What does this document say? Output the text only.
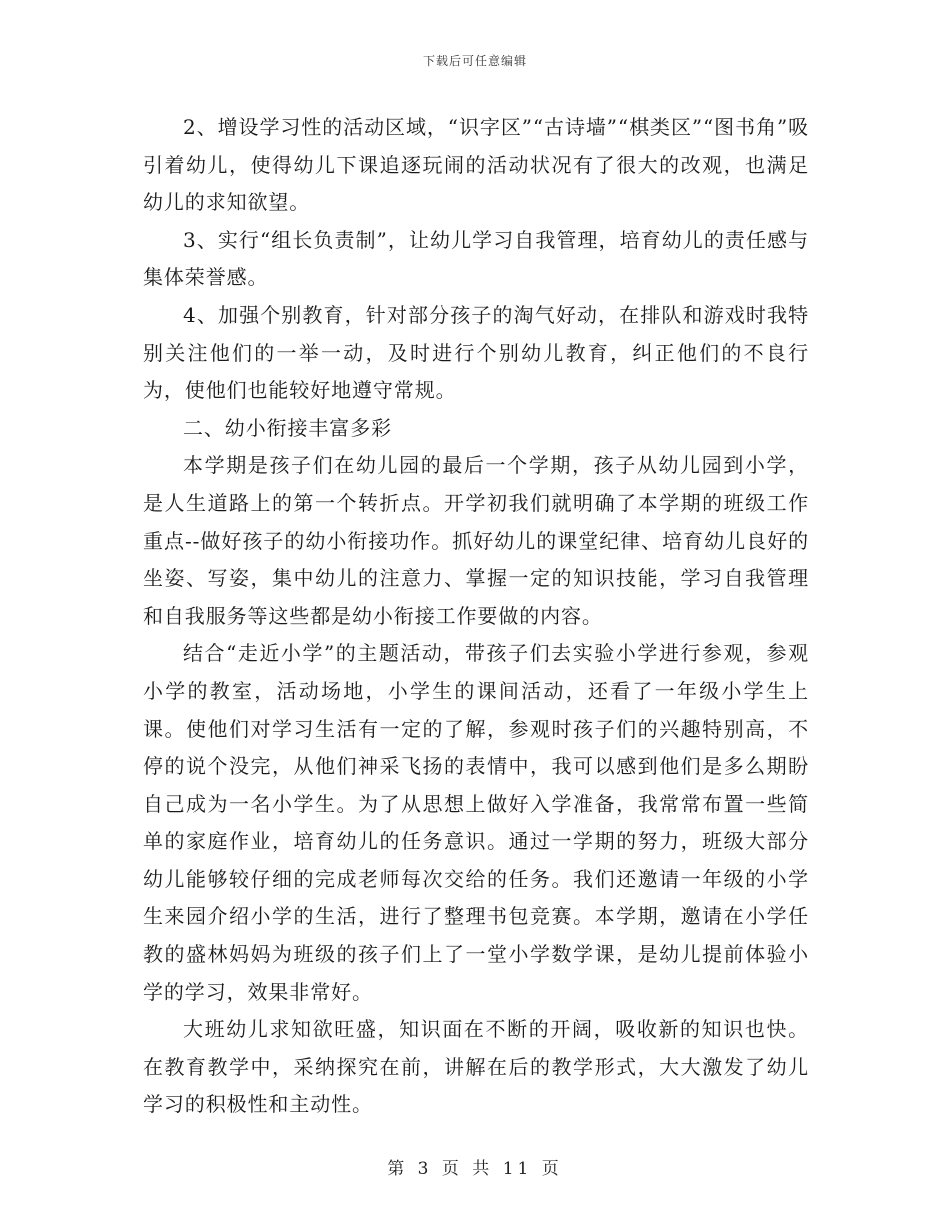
下载后可任意编辑

2、增设学习性的活动区域，“识字区”“古诗墙”“棋类区”“图书角”吸引着幼儿，使得幼儿下课追逐玩闹的活动状况有了很大的改观，也满足幼儿的求知欲望。

3、实行“组长负责制”，让幼儿学习自我管理，培育幼儿的责任感与集体荣誉感。

4、加强个别教育，针对部分孩子的淘气好动，在排队和游戏时我特别关注他们的一举一动，及时进行个别幼儿教育，纠正他们的不良行为，使他们也能较好地遵守常规。

二、幼小衔接丰富多彩

本学期是孩子们在幼儿园的最后一个学期，孩子从幼儿园到小学，是人生道路上的第一个转折点。开学初我们就明确了本学期的班级工作重点--做好孩子的幼小衔接功作。抓好幼儿的课堂纪律、培育幼儿良好的坐姿、写姿，集中幼儿的注意力、掌握一定的知识技能，学习自我管理和自我服务等这些都是幼小衔接工作要做的内容。

结合“走近小学”的主题活动，带孩子们去实验小学进行参观，参观小学的教室，活动场地，小学生的课间活动，还看了一年级小学生上课。使他们对学习生活有一定的了解，参观时孩子们的兴趣特别高，不停的说个没完，从他们神采飞扬的表情中，我可以感到他们是多么期盼自己成为一名小学生。为了从思想上做好入学准备，我常常布置一些简单的家庭作业，培育幼儿的任务意识。通过一学期的努力，班级大部分幼儿能够较仔细的完成老师每次交给的任务。我们还邀请一年级的小学生来园介绍小学的生活，进行了整理书包竞赛。本学期，邀请在小学任教的盛林妈妈为班级的孩子们上了一堂小学数学课，是幼儿提前体验小学的学习，效果非常好。

大班幼儿求知欲旺盛，知识面在不断的开阔，吸收新的知识也快。在教育教学中，采纳探究在前，讲解在后的教学形式，大大激发了幼儿学习的积极性和主动性。

第 3 页 共 11 页
